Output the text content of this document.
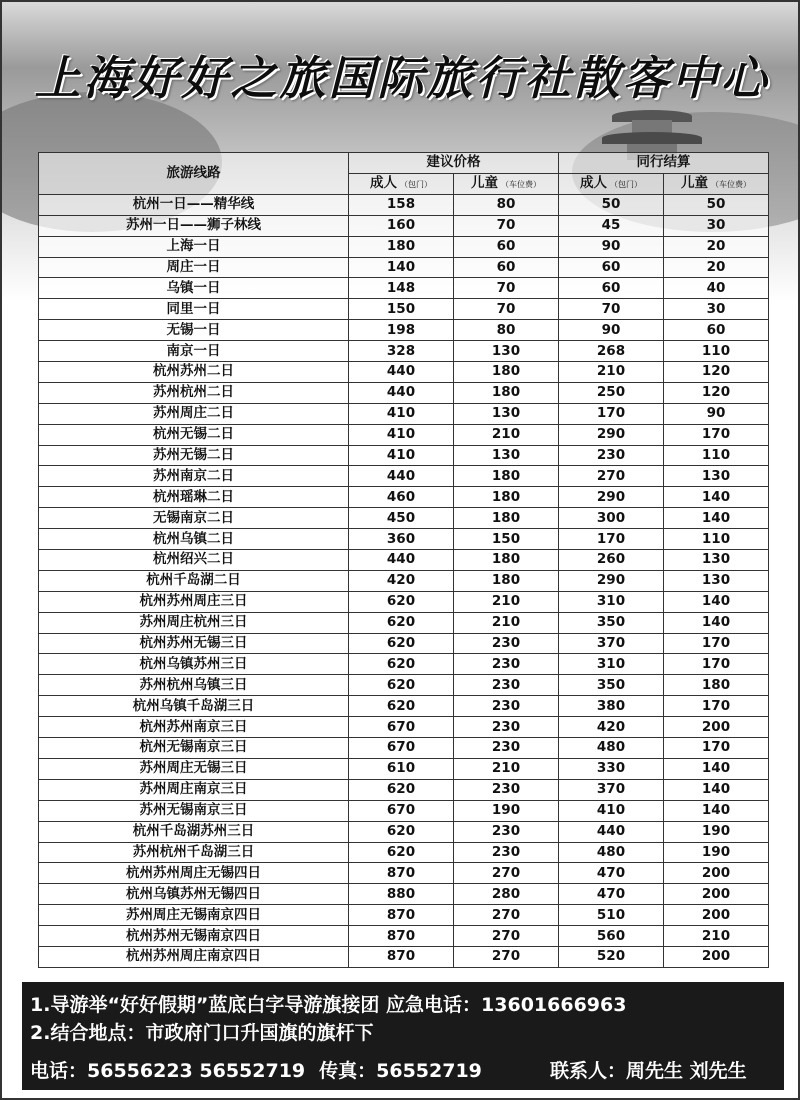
上海好好之旅国际旅行社散客中心
旅游线路	建议价格		同行结算	
	成人 （包门）	儿童 （车位费）	成人 （包门）	儿童 （车位费）
杭州一日——精华线	158	80	50	50
苏州一日——狮子林线	160	70	45	30
上海一日	180	60	90	20
周庄一日	140	60	60	20
乌镇一日	148	70	60	40
同里一日	150	70	70	30
无锡一日	198	80	90	60
南京一日	328	130	268	110
杭州苏州二日	440	180	210	120
苏州杭州二日	440	180	250	120
苏州周庄二日	410	130	170	90
杭州无锡二日	410	210	290	170
苏州无锡二日	410	130	230	110
苏州南京二日	440	180	270	130
杭州瑶琳二日	460	180	290	140
无锡南京二日	450	180	300	140
杭州乌镇二日	360	150	170	110
杭州绍兴二日	440	180	260	130
杭州千岛湖二日	420	180	290	130
杭州苏州周庄三日	620	210	310	140
苏州周庄杭州三日	620	210	350	140
杭州苏州无锡三日	620	230	370	170
杭州乌镇苏州三日	620	230	310	170
苏州杭州乌镇三日	620	230	350	180
杭州乌镇千岛湖三日	620	230	380	170
杭州苏州南京三日	670	230	420	200
杭州无锡南京三日	670	230	480	170
苏州周庄无锡三日	610	210	330	140
苏州周庄南京三日	620	230	370	140
苏州无锡南京三日	670	190	410	140
杭州千岛湖苏州三日	620	230	440	190
苏州杭州千岛湖三日	620	230	480	190
杭州苏州周庄无锡四日	870	270	470	200
杭州乌镇苏州无锡四日	880	280	470	200
苏州周庄无锡南京四日	870	270	510	200
杭州苏州无锡南京四日	870	270	560	210
杭州苏州周庄南京四日	870	270	520	200
1.导游举“好好假期”蓝底白字导游旗接团 应急电话：13601666963
2.结合地点：市政府门口升国旗的旗杆下
电话：56556223 56552719 传真：56552719	联系人：周先生 刘先生
